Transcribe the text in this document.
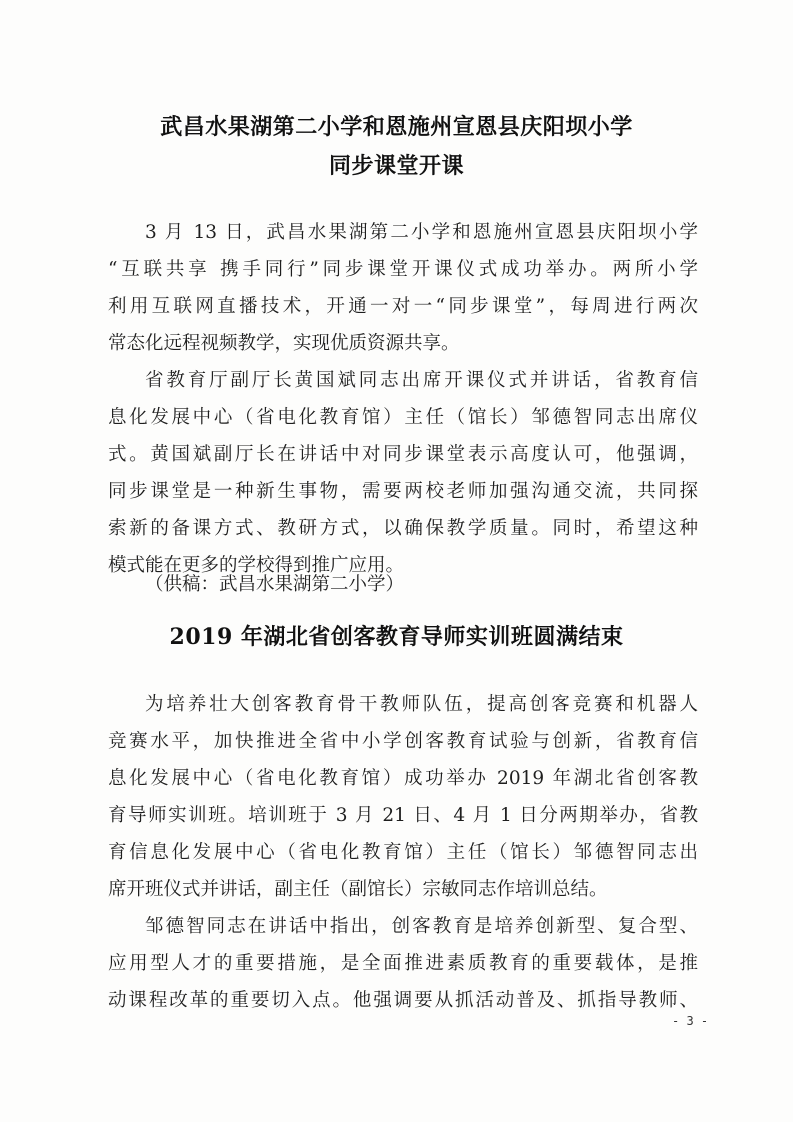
武昌水果湖第二小学和恩施州宣恩县庆阳坝小学
同步课堂开课
3 月 13 日，武昌水果湖第二小学和恩施州宣恩县庆阳坝小学
“互联共享 携手同行”同步课堂开课仪式成功举办。两所小学
利用互联网直播技术，开通一对一“同步课堂”，每周进行两次
常态化远程视频教学，实现优质资源共享。
省教育厅副厅长黄国斌同志出席开课仪式并讲话，省教育信
息化发展中心（省电化教育馆）主任（馆长）邹德智同志出席仪
式。黄国斌副厅长在讲话中对同步课堂表示高度认可，他强调，
同步课堂是一种新生事物，需要两校老师加强沟通交流，共同探
索新的备课方式、教研方式，以确保教学质量。同时，希望这种
模式能在更多的学校得到推广应用。
（供稿：武昌水果湖第二小学）
2019 年湖北省创客教育导师实训班圆满结束
为培养壮大创客教育骨干教师队伍，提高创客竞赛和机器人
竞赛水平，加快推进全省中小学创客教育试验与创新，省教育信
息化发展中心（省电化教育馆）成功举办 2019 年湖北省创客教
育导师实训班。培训班于 3 月 21 日、4 月 1 日分两期举办，省教
育信息化发展中心（省电化教育馆）主任（馆长）邹德智同志出
席开班仪式并讲话，副主任（副馆长）宗敏同志作培训总结。
邹德智同志在讲话中指出，创客教育是培养创新型、复合型、
应用型人才的重要措施，是全面推进素质教育的重要载体，是推
动课程改革的重要切入点。他强调要从抓活动普及、抓指导教师、
- 3 -
